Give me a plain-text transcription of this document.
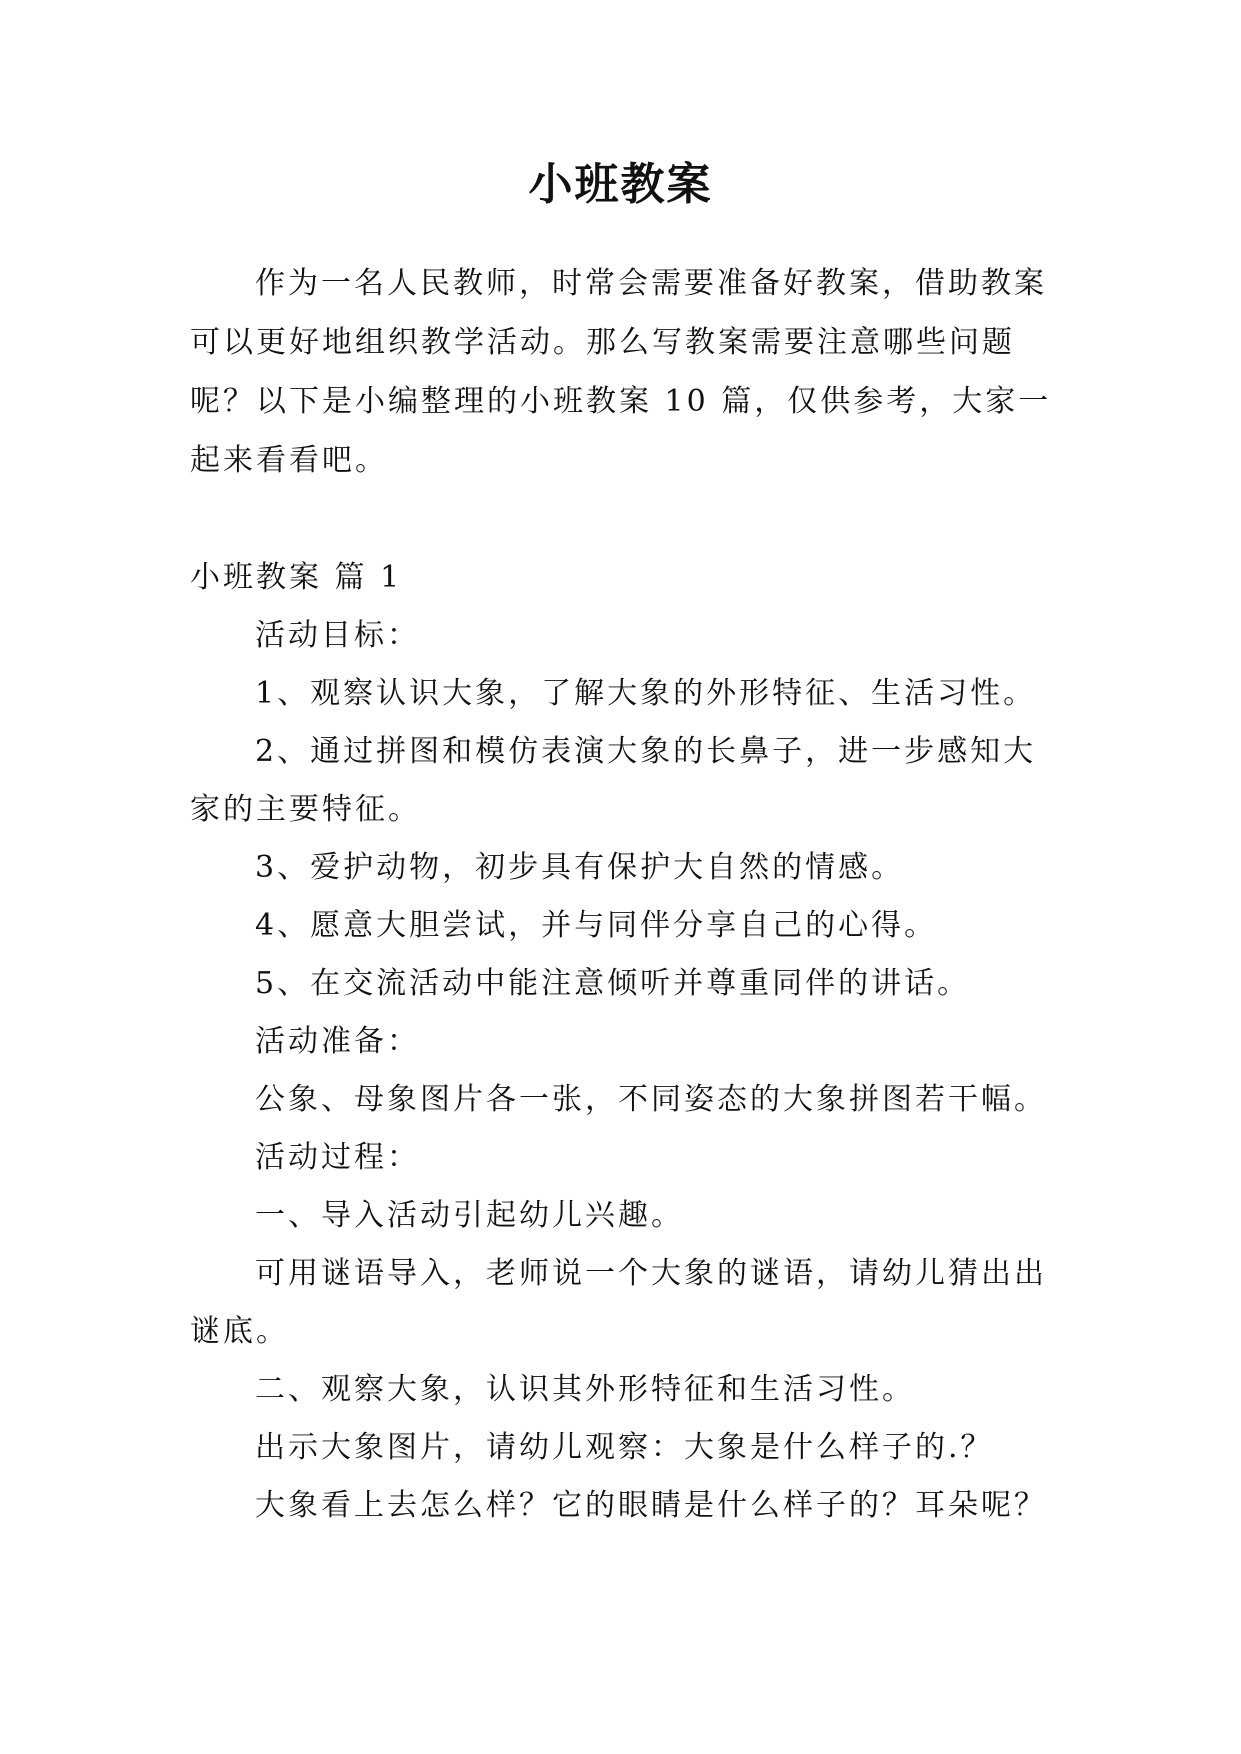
小班教案
作为一名人民教师，时常会需要准备好教案，借助教案
可以更好地组织教学活动。那么写教案需要注意哪些问题
呢？以下是小编整理的小班教案 10 篇，仅供参考，大家一
起来看看吧。
小班教案 篇 1
活动目标：
1、观察认识大象，了解大象的外形特征、生活习性。
2、通过拼图和模仿表演大象的长鼻子，进一步感知大
家的主要特征。
3、爱护动物，初步具有保护大自然的情感。
4、愿意大胆尝试，并与同伴分享自己的心得。
5、在交流活动中能注意倾听并尊重同伴的讲话。
活动准备：
公象、母象图片各一张，不同姿态的大象拼图若干幅。
活动过程：
一、导入活动引起幼儿兴趣。
可用谜语导入，老师说一个大象的谜语，请幼儿猜出出
谜底。
二、观察大象，认识其外形特征和生活习性。
出示大象图片，请幼儿观察：大象是什么样子的.？
大象看上去怎么样？它的眼睛是什么样子的？耳朵呢？
